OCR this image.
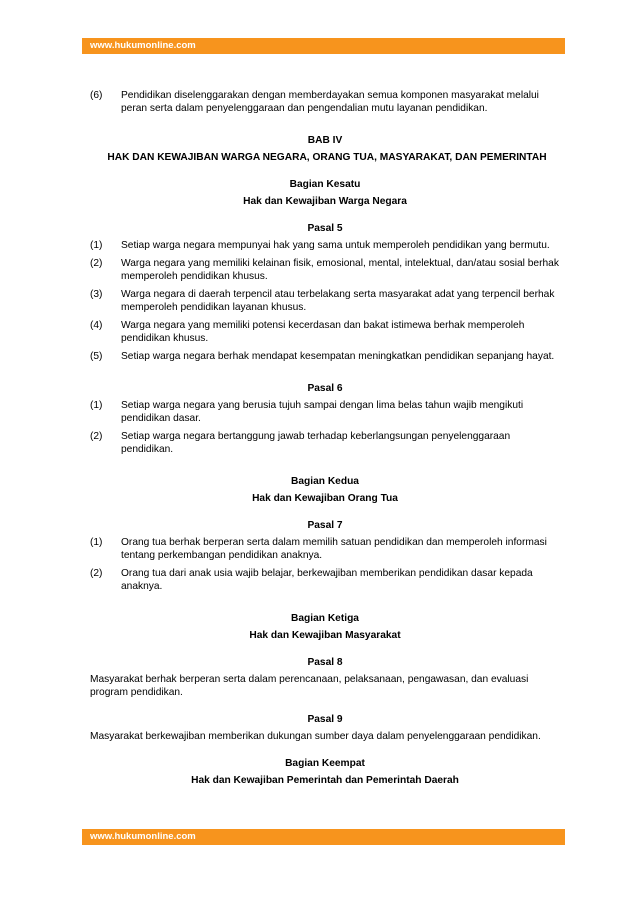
www.hukumonline.com
(6)	Pendidikan diselenggarakan dengan memberdayakan semua komponen masyarakat melalui peran serta dalam penyelenggaraan dan pengendalian mutu layanan pendidikan.
BAB IV
HAK DAN KEWAJIBAN WARGA NEGARA, ORANG TUA, MASYARAKAT, DAN PEMERINTAH
Bagian Kesatu
Hak dan Kewajiban Warga Negara
Pasal 5
(1)	Setiap warga negara mempunyai hak yang sama untuk memperoleh pendidikan yang bermutu.
(2)	Warga negara yang memiliki kelainan fisik, emosional, mental, intelektual, dan/atau sosial berhak memperoleh pendidikan khusus.
(3)	Warga negara di daerah terpencil atau terbelakang serta masyarakat adat yang terpencil berhak memperoleh pendidikan layanan khusus.
(4)	Warga negara yang memiliki potensi kecerdasan dan bakat istimewa berhak memperoleh pendidikan khusus.
(5)	Setiap warga negara berhak mendapat kesempatan meningkatkan pendidikan sepanjang hayat.
Pasal 6
(1)	Setiap warga negara yang berusia tujuh sampai dengan lima belas tahun wajib mengikuti pendidikan dasar.
(2)	Setiap warga negara bertanggung jawab terhadap keberlangsungan penyelenggaraan pendidikan.
Bagian Kedua
Hak dan Kewajiban Orang Tua
Pasal 7
(1)	Orang tua berhak berperan serta dalam memilih satuan pendidikan dan memperoleh informasi tentang perkembangan pendidikan anaknya.
(2)	Orang tua dari anak usia wajib belajar, berkewajiban memberikan pendidikan dasar kepada anaknya.
Bagian Ketiga
Hak dan Kewajiban Masyarakat
Pasal 8
Masyarakat berhak berperan serta dalam perencanaan, pelaksanaan, pengawasan, dan evaluasi program pendidikan.
Pasal 9
Masyarakat berkewajiban memberikan dukungan sumber daya dalam penyelenggaraan pendidikan.
Bagian Keempat
Hak dan Kewajiban Pemerintah dan Pemerintah Daerah
www.hukumonline.com
